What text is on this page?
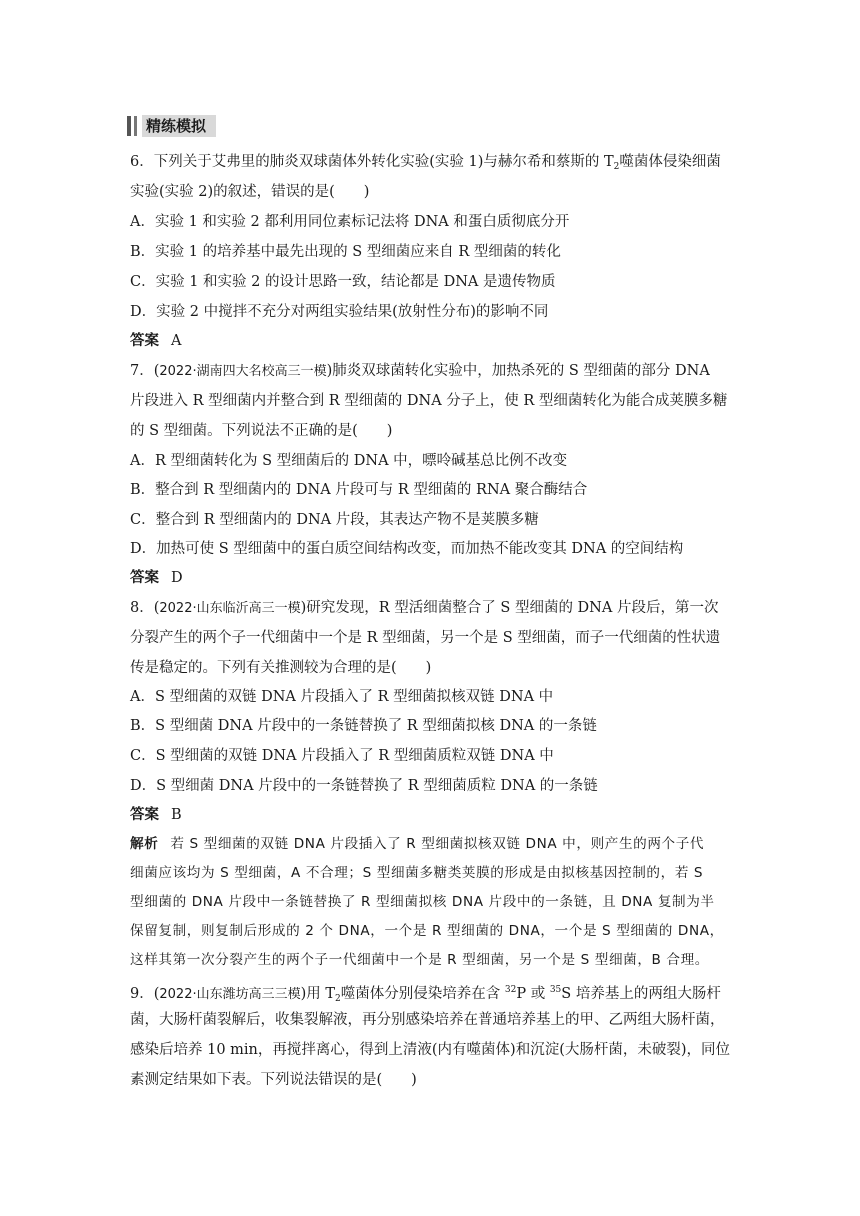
精练模拟
6．下列关于艾弗里的肺炎双球菌体外转化实验(实验 1)与赫尔希和蔡斯的 $T_2$噬菌体侵染细菌
实验(实验 2)的叙述，错误的是(　　)
A．实验 1 和实验 2 都利用同位素标记法将 DNA 和蛋白质彻底分开
B．实验 1 的培养基中最先出现的 S 型细菌应来自 R 型细菌的转化
C．实验 1 和实验 2 的设计思路一致，结论都是 DNA 是遗传物质
D．实验 2 中搅拌不充分对两组实验结果(放射性分布)的影响不同
答案 A
7．(2022·湖南四大名校高三一模)肺炎双球菌转化实验中，加热杀死的 S 型细菌的部分 DNA
片段进入 R 型细菌内并整合到 R 型细菌的 DNA 分子上，使 R 型细菌转化为能合成荚膜多糖
的 S 型细菌。下列说法不正确的是(　　)
A．R 型细菌转化为 S 型细菌后的 DNA 中，嘌呤碱基总比例不改变
B．整合到 R 型细菌内的 DNA 片段可与 R 型细菌的 RNA 聚合酶结合
C．整合到 R 型细菌内的 DNA 片段，其表达产物不是荚膜多糖
D．加热可使 S 型细菌中的蛋白质空间结构改变，而加热不能改变其 DNA 的空间结构
答案 D
8．(2022·山东临沂高三一模)研究发现，R 型活细菌整合了 S 型细菌的 DNA 片段后，第一次
分裂产生的两个子一代细菌中一个是 R 型细菌，另一个是 S 型细菌，而子一代细菌的性状遗
传是稳定的。下列有关推测较为合理的是(　　)
A．S 型细菌的双链 DNA 片段插入了 R 型细菌拟核双链 DNA 中
B．S 型细菌 DNA 片段中的一条链替换了 R 型细菌拟核 DNA 的一条链
C．S 型细菌的双链 DNA 片段插入了 R 型细菌质粒双链 DNA 中
D．S 型细菌 DNA 片段中的一条链替换了 R 型细菌质粒 DNA 的一条链
答案 B
解析 若 S 型细菌的双链 DNA 片段插入了 R 型细菌拟核双链 DNA 中，则产生的两个子代
细菌应该均为 S 型细菌，A 不合理；S 型细菌多糖类荚膜的形成是由拟核基因控制的，若 S
型细菌的 DNA 片段中一条链替换了 R 型细菌拟核 DNA 片段中的一条链，且 DNA 复制为半
保留复制，则复制后形成的 2 个 DNA，一个是 R 型细菌的 DNA，一个是 S 型细菌的 DNA，
这样其第一次分裂产生的两个子一代细菌中一个是 R 型细菌，另一个是 S 型细菌，B 合理。
9．(2022·山东潍坊高三三模)用 $T_2$噬菌体分别侵染培养在含 $^{32}$P 或 $^{35}$S 培养基上的两组大肠杆
菌，大肠杆菌裂解后，收集裂解液，再分别感染培养在普通培养基上的甲、乙两组大肠杆菌，
感染后培养 10 min，再搅拌离心，得到上清液(内有噬菌体)和沉淀(大肠杆菌，未破裂)，同位
素测定结果如下表。下列说法错误的是(　　)
